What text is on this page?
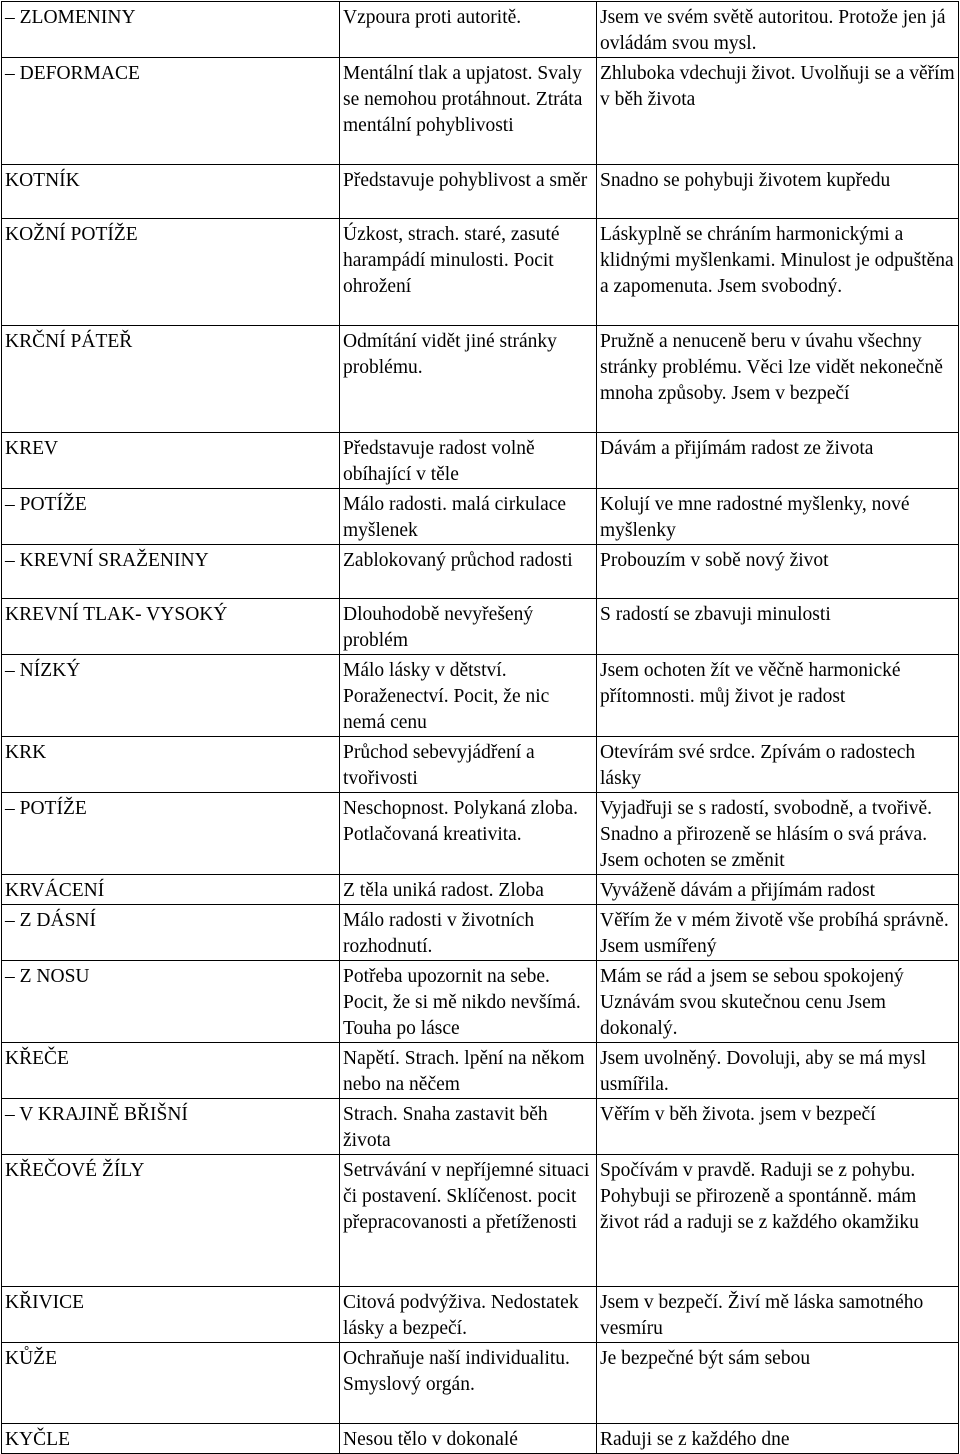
– ZLOMENINY	Vzpoura proti autoritě.	Jsem ve svém světě autoritou. Protože jen já ovládám svou mysl.
– DEFORMACE	Mentální tlak a upjatost. Svaly se nemohou protáhnout. Ztráta mentální pohyblivosti	Zhluboka vdechuji život. Uvolňuji se a věřím v běh života
KOTNÍK	Představuje pohyblivost a směr	Snadno se pohybuji životem kupředu
KOŽNÍ POTÍŽE	Úzkost, strach. staré, zasuté harampádí minulosti. Pocit ohrožení	Láskyplně se chráním harmonickými a klidnými myšlenkami. Minulost je odpuštěna a zapomenuta. Jsem svobodný.
KRČNÍ PÁTEŘ	Odmítání vidět jiné stránky problému.	Pružně a nenuceně beru v úvahu všechny stránky problému. Věci lze vidět nekonečně mnoha způsoby. Jsem v bezpečí
KREV	Představuje radost volně obíhající v těle	Dávám a přijímám radost ze života
– POTÍŽE	Málo radosti. malá cirkulace myšlenek	Kolují ve mne radostné myšlenky, nové myšlenky
– KREVNÍ SRAŽENINY	Zablokovaný průchod radosti	Probouzím v sobě nový život
KREVNÍ TLAK- VYSOKÝ	Dlouhodobě nevyřešený problém	S radostí se zbavuji minulosti
– NÍZKÝ	Málo lásky v dětství. Poraženectví. Pocit, že nic nemá cenu	Jsem ochoten žít ve věčně harmonické přítomnosti. můj život je radost
KRK	Průchod sebevyjádření a tvořivosti	Otevírám své srdce. Zpívám o radostech lásky
– POTÍŽE	Neschopnost. Polykaná zloba. Potlačovaná kreativita.	Vyjadřuji se s radostí, svobodně, a tvořivě. Snadno a přirozeně se hlásím o svá práva. Jsem ochoten se změnit
KRVÁCENÍ	Z těla uniká radost. Zloba	Vyváženě dávám a přijímám radost
– Z DÁSNÍ	Málo radosti v životních rozhodnutí.	Věřím že v mém životě vše probíhá správně. Jsem usmířený
– Z NOSU	Potřeba upozornit na sebe. Pocit, že si mě nikdo nevšímá. Touha po lásce	Mám se rád a jsem se sebou spokojený Uznávám svou skutečnou cenu Jsem dokonalý.
KŘEČE	Napětí. Strach. lpění na někom nebo na něčem	Jsem uvolněný. Dovoluji, aby se má mysl usmířila.
– V KRAJINĚ BŘIŠNÍ	Strach. Snaha zastavit běh života	Věřím v běh života. jsem v bezpečí
KŘEČOVÉ ŽÍLY	Setrvávání v nepříjemné situaci či postavení. Sklíčenost. pocit přepracovanosti a přetíženosti	Spočívám v pravdě. Raduji se z pohybu. Pohybuji se přirozeně a spontánně. mám život rád a raduji se z každého okamžiku
KŘIVICE	Citová podvýživa. Nedostatek lásky a bezpečí.	Jsem v bezpečí. Živí mě láska samotného vesmíru
KŮŽE	Ochraňuje naší individualitu. Smyslový orgán.	Je bezpečné být sám sebou
KYČLE	Nesou tělo v dokonalé	Raduji se z každého dne
